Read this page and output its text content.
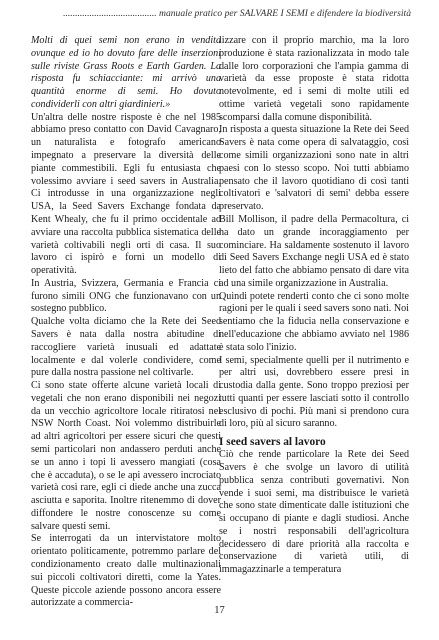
....................................... manuale pratico per SALVARE I SEMI e difendere la biodiversità

Molti di quei semi non erano in vendita ovunque ed io ho dovuto fare delle inserzioni sulle riviste Grass Roots e Earth Garden. La risposta fu schiacciante: mi arrivò una quantità enorme di semi. Ho dovuto condividerli con altri giardinieri.»

Un'altra delle nostre risposte è che nel 1985 abbiamo preso contatto con David Cavagnaro, un naturalista e fotografo americano impegnato a preservare la diversità delle piante commestibili. Egli fu entusiasta che volessimo avviare i seed savers in Australia. Ci introdusse in una organizzazione negli USA, la Seed Savers Exchange fondata da Kent Whealy, che fu il primo occidentale ad avviare una raccolta pubblica sistematica delle varietà coltivabili negli orti di casa. Il suo lavoro ci ispirò e fornì un modello di operatività.

In Austria, Svizzera, Germania e Francia ci furono simili ONG che funzionavano con un sostegno pubblico.

Qualche volta diciamo che la Rete dei Seed Savers è nata dalla nostra abitudine di raccogliere varietà inusuali ed adattate localmente e dal volerle condividere, come pure dalla nostra passione nel coltivarle.

Ci sono state offerte alcune varietà locali di vegetali che non erano disponibili nei negozi da un vecchio agricoltore locale ritiratosi nel NSW North Coast. Noi volemmo distribuirle ad altri agricoltori per essere sicuri che questi semi particolari non andassero perduti anche se un anno i topi li avessero mangiati (cosa che è accaduta), o se le api avessero incrociato varietà così rare, egli ci diede anche una zucca asciutta e saporita. Inoltre ritenemmo di dover diffondere le nostre conoscenze su come salvare questi semi.

Se interrogati da un intervistatore molto orientato politicamente, potremmo parlare del condizionamento creato dalle multinazionali sui piccoli coltivatori diretti, come la Yates. Queste piccole aziende possono ancora essere autorizzate a commercia-

lizzare con il proprio marchio, ma la loro produzione è stata razionalizzata in modo tale dalle loro corporazioni che l'ampia gamma di varietà da esse proposte è stata ridotta notevolmente, ed i semi di molte utili ed ottime varietà vegetali sono rapidamente scomparsi dalla comune disponibilità.

In risposta a questa situazione la Rete dei Seed Savers è nata come opera di salvataggio, così come simili organizzazioni sono nate in altri paesi con lo stesso scopo. Noi tutti abbiamo pensato che il lavoro quotidiano di così tanti coltivatori e 'salvatori di semi' debba essere preservato.

Bill Mollison, il padre della Permacoltura, ci ha dato un grande incoraggiamento per cominciare. Ha saldamente sostenuto il lavoro di Seed Savers Exchange negli USA ed è stato lieto del fatto che abbiamo pensato di dare vita ad una simile organizzazione in Australia.

Quindi potete renderti conto che ci sono molte ragioni per le quali i seed savers sono nati. Noi sentiamo che la fiducia nella conservazione e nell'educazione che abbiamo avviato nel 1986 è stata solo l'inizio.

I semi, specialmente quelli per il nutrimento e per altri usi, dovrebbero essere presi in custodia dalla gente. Sono troppo preziosi per tutti quanti per essere lasciati sotto il controllo esclusivo di pochi. Più mani si prendono cura di loro, più al sicuro saranno.

I seed savers al lavoro

Ciò che rende particolare la Rete dei Seed Savers è che svolge un lavoro di utilità pubblica senza contributi governativi. Non vende i suoi semi, ma distribuisce le varietà che sono state dimenticate dalle istituzioni che si occupano di piante e dagli studiosi. Anche se i nostri responsabili dell'agricoltura decidessero di dare priorità alla raccolta e conservazione di varietà utili, di immagazzinarle a temperatura

17
